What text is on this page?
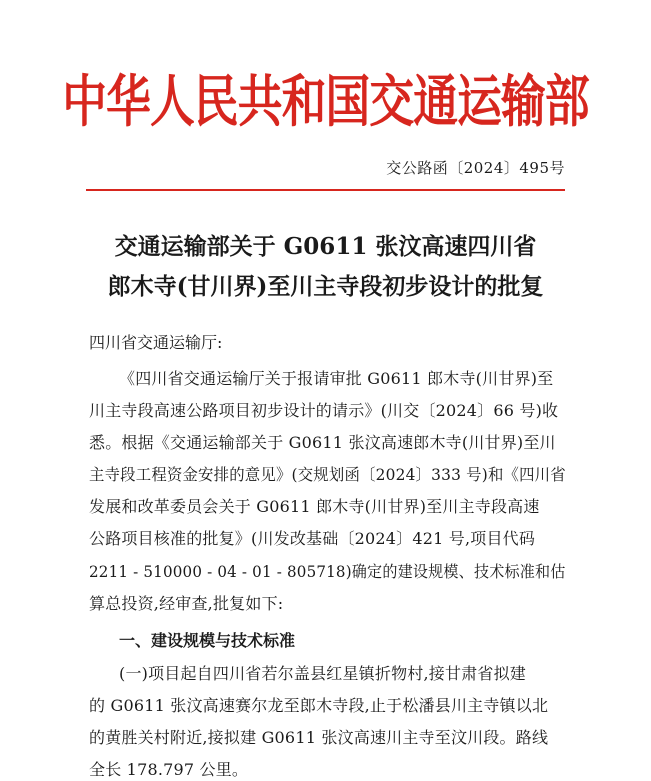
中华人民共和国交通运输部
交公路函〔2024〕495号
交通运输部关于 G0611 张汶高速四川省
郎木寺(甘川界)至川主寺段初步设计的批复
四川省交通运输厅:
《四川省交通运输厅关于报请审批 G0611 郎木寺(川甘界)至
川主寺段高速公路项目初步设计的请示》(川交〔2024〕66 号)收
悉。根据《交通运输部关于 G0611 张汶高速郎木寺(川甘界)至川
主寺段工程资金安排的意见》(交规划函〔2024〕333 号)和《四川省
发展和改革委员会关于 G0611 郎木寺(川甘界)至川主寺段高速
公路项目核准的批复》(川发改基础〔2024〕421 号,项目代码
2211 - 510000 - 04 - 01 - 805718)确定的建设规模、技术标准和估
算总投资,经审查,批复如下:
一、建设规模与技术标准
(一)项目起自四川省若尔盖县红星镇折物村,接甘肃省拟建
的 G0611 张汶高速赛尔龙至郎木寺段,止于松潘县川主寺镇以北
的黄胜关村附近,接拟建 G0611 张汶高速川主寺至汶川段。路线
全长 178.797 公里。
